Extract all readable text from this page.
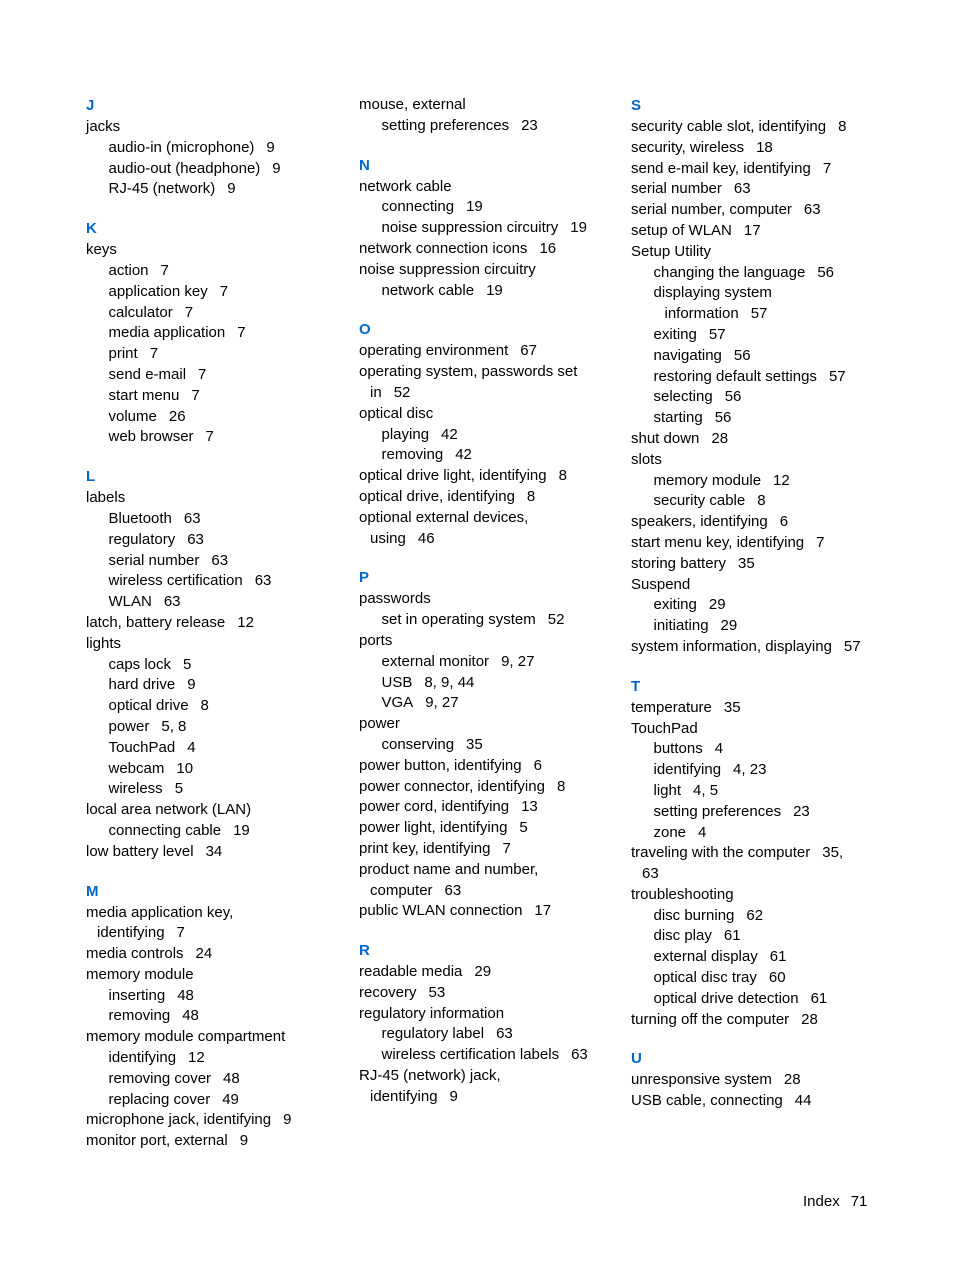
J
jacks
audio-in (microphone) 9
audio-out (headphone) 9
RJ-45 (network) 9
K
keys
action 7
application key 7
calculator 7
media application 7
print 7
send e-mail 7
start menu 7
volume 26
web browser 7
L
labels
Bluetooth 63
regulatory 63
serial number 63
wireless certification 63
WLAN 63
latch, battery release 12
lights
caps lock 5
hard drive 9
optical drive 8
power 5, 8
TouchPad 4
webcam 10
wireless 5
local area network (LAN)
connecting cable 19
low battery level 34
M
media application key,
identifying 7
media controls 24
memory module
inserting 48
removing 48
memory module compartment
identifying 12
removing cover 48
replacing cover 49
microphone jack, identifying 9
monitor port, external 9
mouse, external
setting preferences 23
N
network cable
connecting 19
noise suppression circuitry 19
network connection icons 16
noise suppression circuitry
network cable 19
O
operating environment 67
operating system, passwords set
in 52
optical disc
playing 42
removing 42
optical drive light, identifying 8
optical drive, identifying 8
optional external devices,
using 46
P
passwords
set in operating system 52
ports
external monitor 9, 27
USB 8, 9, 44
VGA 9, 27
power
conserving 35
power button, identifying 6
power connector, identifying 8
power cord, identifying 13
power light, identifying 5
print key, identifying 7
product name and number,
computer 63
public WLAN connection 17
R
readable media 29
recovery 53
regulatory information
regulatory label 63
wireless certification labels 63
RJ-45 (network) jack,
identifying 9
S
security cable slot, identifying 8
security, wireless 18
send e-mail key, identifying 7
serial number 63
serial number, computer 63
setup of WLAN 17
Setup Utility
changing the language 56
displaying system
information 57
exiting 57
navigating 56
restoring default settings 57
selecting 56
starting 56
shut down 28
slots
memory module 12
security cable 8
speakers, identifying 6
start menu key, identifying 7
storing battery 35
Suspend
exiting 29
initiating 29
system information, displaying 57
T
temperature 35
TouchPad
buttons 4
identifying 4, 23
light 4, 5
setting preferences 23
zone 4
traveling with the computer 35,
63
troubleshooting
disc burning 62
disc play 61
external display 61
optical disc tray 60
optical drive detection 61
turning off the computer 28
U
unresponsive system 28
USB cable, connecting 44
Index 71
